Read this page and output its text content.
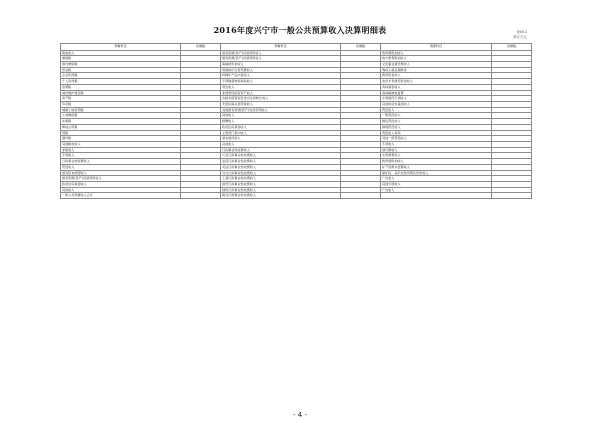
2016年度兴宁市一般公共预算收入决算明细表	表09-1
单位:万元
预算科目	决算数	预算科目	决算数	预算科目	决算数
税收收入		国有资源(资产)有偿使用收入		教育费附加收入	
增值税		国有资源(资产)有偿使用收入		地方教育附加收入	
国内增值税		海域使用金收入		文化事业建设费收入	
营业税		场地和矿区使用费收入		残疾人就业保障金	
企业所得税		特种矿产品出售收入		教育资金收入	
个人所得税		专项储备物资销售收入		农田水利建设资金收入	
资源税		利息收入		育林基金收入	
城市维护建设税		非经营性国有资产收入		森林植被恢复费	
房产税		出租车经营权有偿出让和转让收入		水利建设专项收入	
印花税		无居民海岛使用金收入		其他政府性基金收入	
城镇土地使用税		其他国有资源(资产)有偿使用收入		罚没收入	
土地增值税		其他收入		一般罚没收入	
车船税		捐赠收入		缉私罚没收入	
耕地占用税		政府住房基金收入		缉毒罚没收入	
契税		主管部门集中收入		罚没收入退库	
烟叶税		基本建设收入		其他一般罚没收入	
其他税收收入		其他收入		专项收入	
非税收入		行政事业性收费收入		排污费收入	
专项收入		公安行政事业性收费收入		水资源费收入	
行政事业性收费收入		法院行政事业性收费收入		教育费附加收入	
罚没收入		司法行政事业性收费收入		矿产资源补偿费收入	
国有资本经营收入		外交行政事业性收费收入		探矿权、采矿权使用费及价款收入	
国有资源(资产)有偿使用收入		工商行政事业性收费收入		广告收入	
政府住房基金收入		商贸行政事业性收费收入		其他专项收入	
其他收入		财政行政事业性收费收入		广告收入	
一般公共预算收入合计		税务行政事业性收费收入			
- 4 -
